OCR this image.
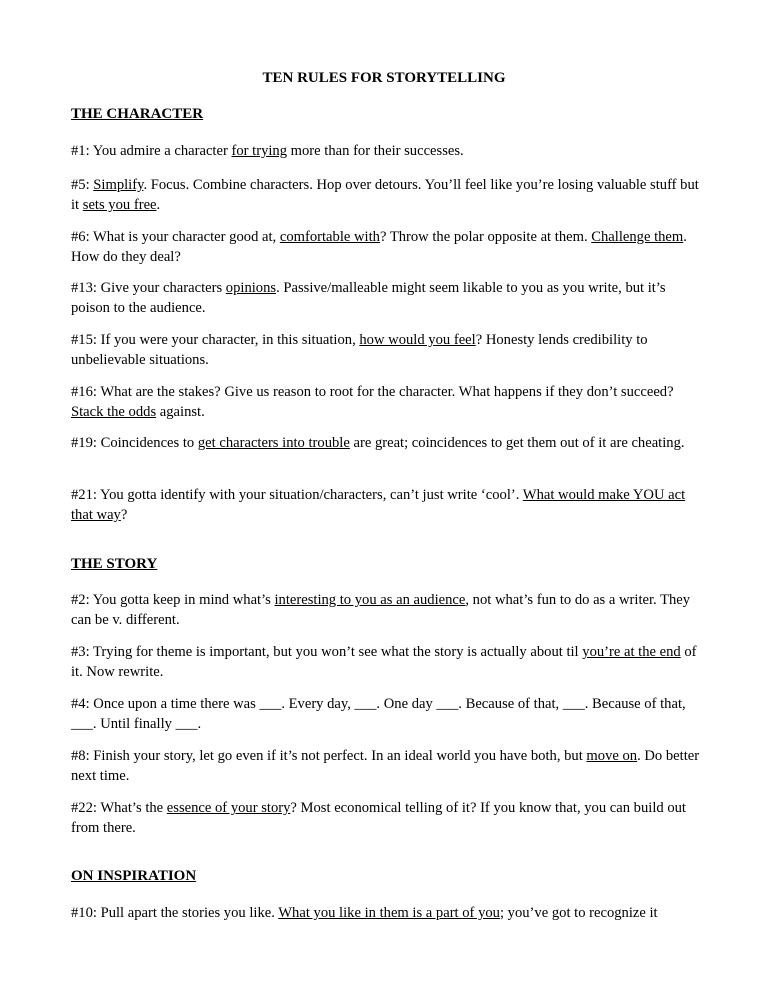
TEN RULES FOR STORYTELLING
THE CHARACTER
#1: You admire a character for trying more than for their successes.
#5: Simplify. Focus. Combine characters. Hop over detours. You’ll feel like you’re losing valuable stuff but it sets you free.
#6: What is your character good at, comfortable with? Throw the polar opposite at them. Challenge them. How do they deal?
#13: Give your characters opinions. Passive/malleable might seem likable to you as you write, but it’s poison to the audience.
#15: If you were your character, in this situation, how would you feel? Honesty lends credibility to unbelievable situations.
#16: What are the stakes? Give us reason to root for the character. What happens if they don’t succeed? Stack the odds against.
#19: Coincidences to get characters into trouble are great; coincidences to get them out of it are cheating.
#21: You gotta identify with your situation/characters, can’t just write ‘cool’. What would make YOU act that way?
THE STORY
#2: You gotta keep in mind what’s interesting to you as an audience, not what’s fun to do as a writer. They can be v. different.
#3: Trying for theme is important, but you won’t see what the story is actually about til you’re at the end of it. Now rewrite.
#4: Once upon a time there was ___. Every day, ___. One day ___. Because of that, ___. Because of that, ___. Until finally ___.
#8: Finish your story, let go even if it’s not perfect. In an ideal world you have both, but move on. Do better next time.
#22: What’s the essence of your story? Most economical telling of it? If you know that, you can build out from there.
ON INSPIRATION
#10: Pull apart the stories you like. What you like in them is a part of you; you’ve got to recognize it
